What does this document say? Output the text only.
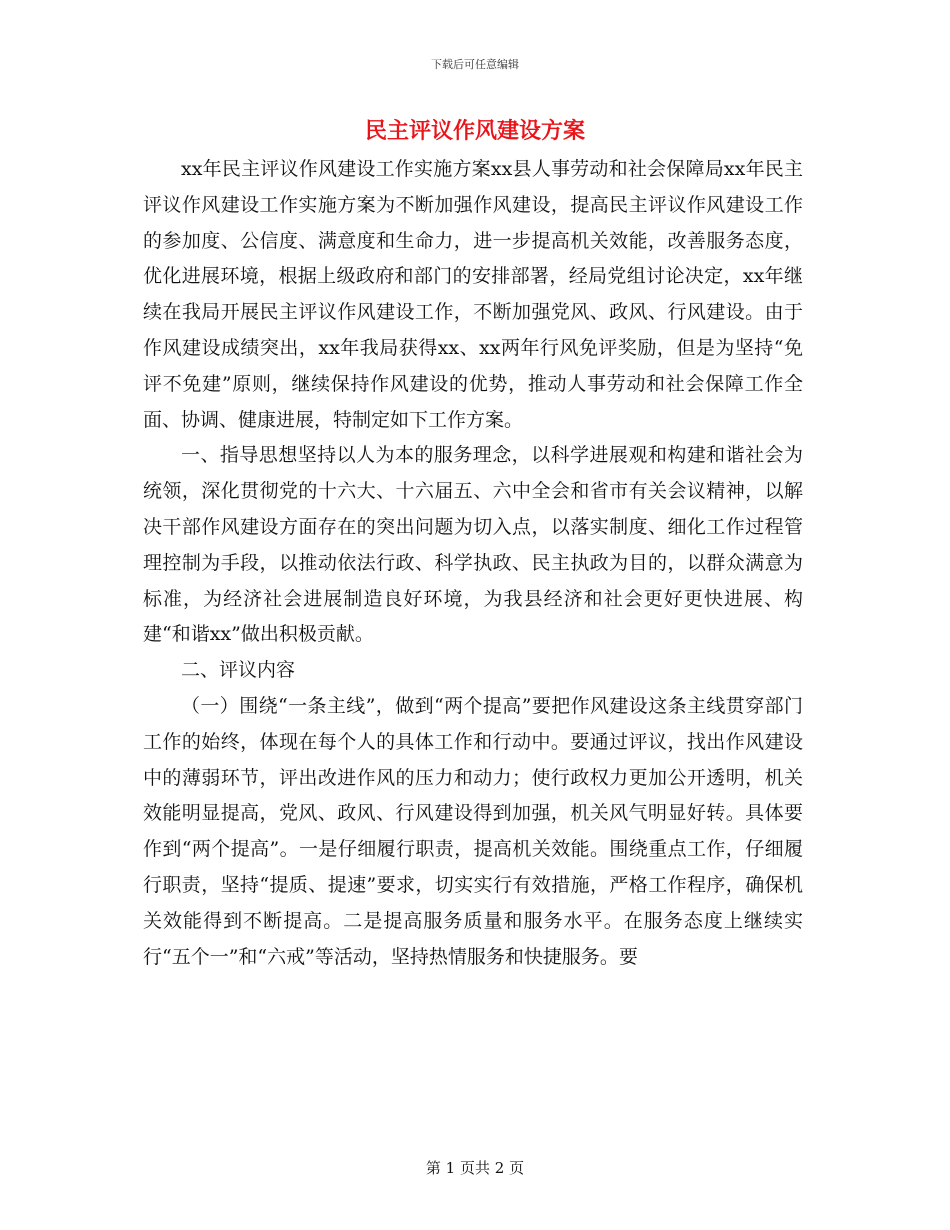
下载后可任意编辑
民主评议作风建设方案

xx年民主评议作风建设工作实施方案xx县人事劳动和社会保障局xx年民主评议作风建设工作实施方案为不断加强作风建设，提高民主评议作风建设工作的参加度、公信度、满意度和生命力，进一步提高机关效能，改善服务态度，优化进展环境，根据上级政府和部门的安排部署，经局党组讨论决定，xx年继续在我局开展民主评议作风建设工作，不断加强党风、政风、行风建设。由于作风建设成绩突出，xx年我局获得xx、xx两年行风免评奖励，但是为坚持“免评不免建”原则，继续保持作风建设的优势，推动人事劳动和社会保障工作全面、协调、健康进展，特制定如下工作方案。

一、指导思想坚持以人为本的服务理念，以科学进展观和构建和谐社会为统领，深化贯彻党的十六大、十六届五、六中全会和省市有关会议精神，以解决干部作风建设方面存在的突出问题为切入点，以落实制度、细化工作过程管理控制为手段，以推动依法行政、科学执政、民主执政为目的，以群众满意为标准，为经济社会进展制造良好环境，为我县经济和社会更好更快进展、构建“和谐xx”做出积极贡献。

二、评议内容

（一）围绕“一条主线”，做到“两个提高”要把作风建设这条主线贯穿部门工作的始终，体现在每个人的具体工作和行动中。要通过评议，找出作风建设中的薄弱环节，评出改进作风的压力和动力；使行政权力更加公开透明，机关效能明显提高，党风、政风、行风建设得到加强，机关风气明显好转。具体要作到“两个提高”。一是仔细履行职责，提高机关效能。围绕重点工作，仔细履行职责，坚持“提质、提速”要求，切实实行有效措施，严格工作程序，确保机关效能得到不断提高。二是提高服务质量和服务水平。在服务态度上继续实行“五个一”和“六戒”等活动，坚持热情服务和快捷服务。要

第 1 页共 2 页
